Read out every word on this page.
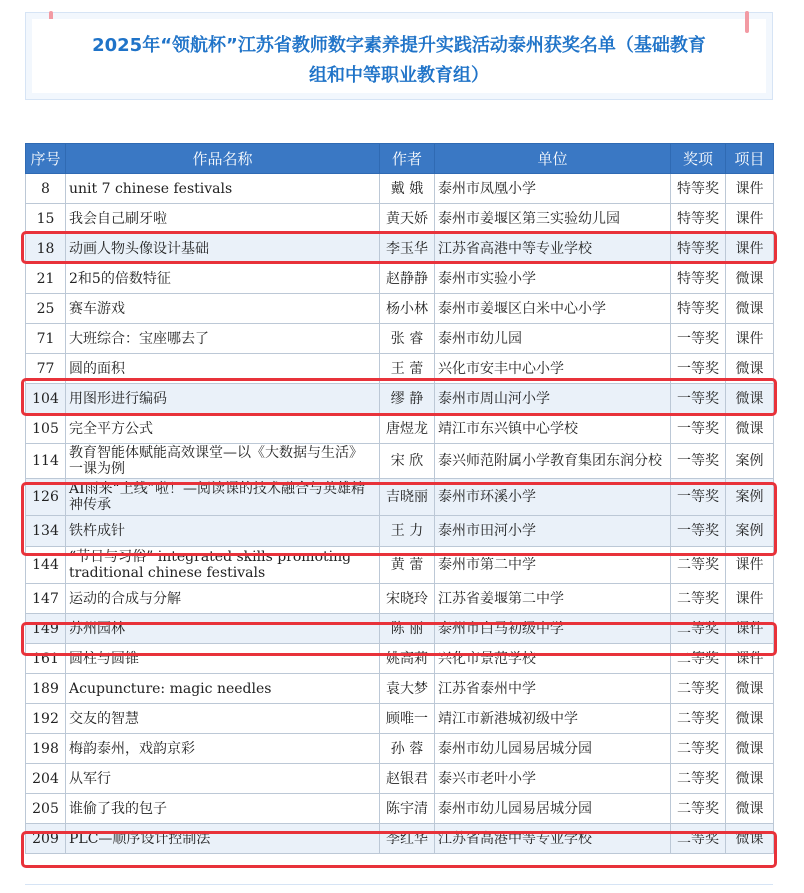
2025年“领航杯”江苏省教师数字素养提升实践活动泰州获奖名单（基础教育组和中等职业教育组）
序号	作品名称	作者	单位	奖项	项目
8	unit 7 chinese festivals	戴 娥	泰州市凤凰小学	特等奖	课件
15	我会自己刷牙啦	黄天娇	泰州市姜堰区第三实验幼儿园	特等奖	课件
18	动画人物头像设计基础	李玉华	江苏省高港中等专业学校	特等奖	课件
21	2和5的倍数特征	赵静静	泰州市实验小学	特等奖	微课
25	赛车游戏	杨小林	泰州市姜堰区白米中心小学	特等奖	微课
71	大班综合：宝座哪去了	张 睿	泰州市幼儿园	一等奖	课件
77	圆的面积	王 蕾	兴化市安丰中心小学	一等奖	微课
104	用图形进行编码	缪 静	泰州市周山河小学	一等奖	微课
105	完全平方公式	唐煜龙	靖江市东兴镇中心学校	一等奖	微课
114	教育智能体赋能高效课堂—以《大数据与生活》一课为例	宋 欣	泰兴师范附属小学教育集团东润分校	一等奖	案例
126	AI雨来“上线”啦！—阅读课的技术融合与英雄精神传承	吉晓丽	泰州市环溪小学	一等奖	案例
134	铁杵成针	王 力	泰州市田河小学	一等奖	案例
144	“节日与习俗” integrated skills promoting traditional chinese festivals	黄 蕾	泰州市第二中学	二等奖	课件
147	运动的合成与分解	宋晓玲	江苏省姜堰第二中学	二等奖	课件
149	苏州园林	陈 丽	泰州市白马初级中学	二等奖	课件
161	圆柱与圆锥	姚高莉	兴化市景范学校	二等奖	课件
189	Acupuncture: magic needles	袁大梦	江苏省泰州中学	二等奖	微课
192	交友的智慧	顾唯一	靖江市新港城初级中学	二等奖	微课
198	梅韵泰州，戏韵京彩	孙 蓉	泰州市幼儿园易居城分园	二等奖	微课
204	从军行	赵银君	泰兴市老叶小学	二等奖	微课
205	谁偷了我的包子	陈宇清	泰州市幼儿园易居城分园	二等奖	微课
209	PLC—顺序设计控制法	李红华	江苏省高港中等专业学校	二等奖	微课
